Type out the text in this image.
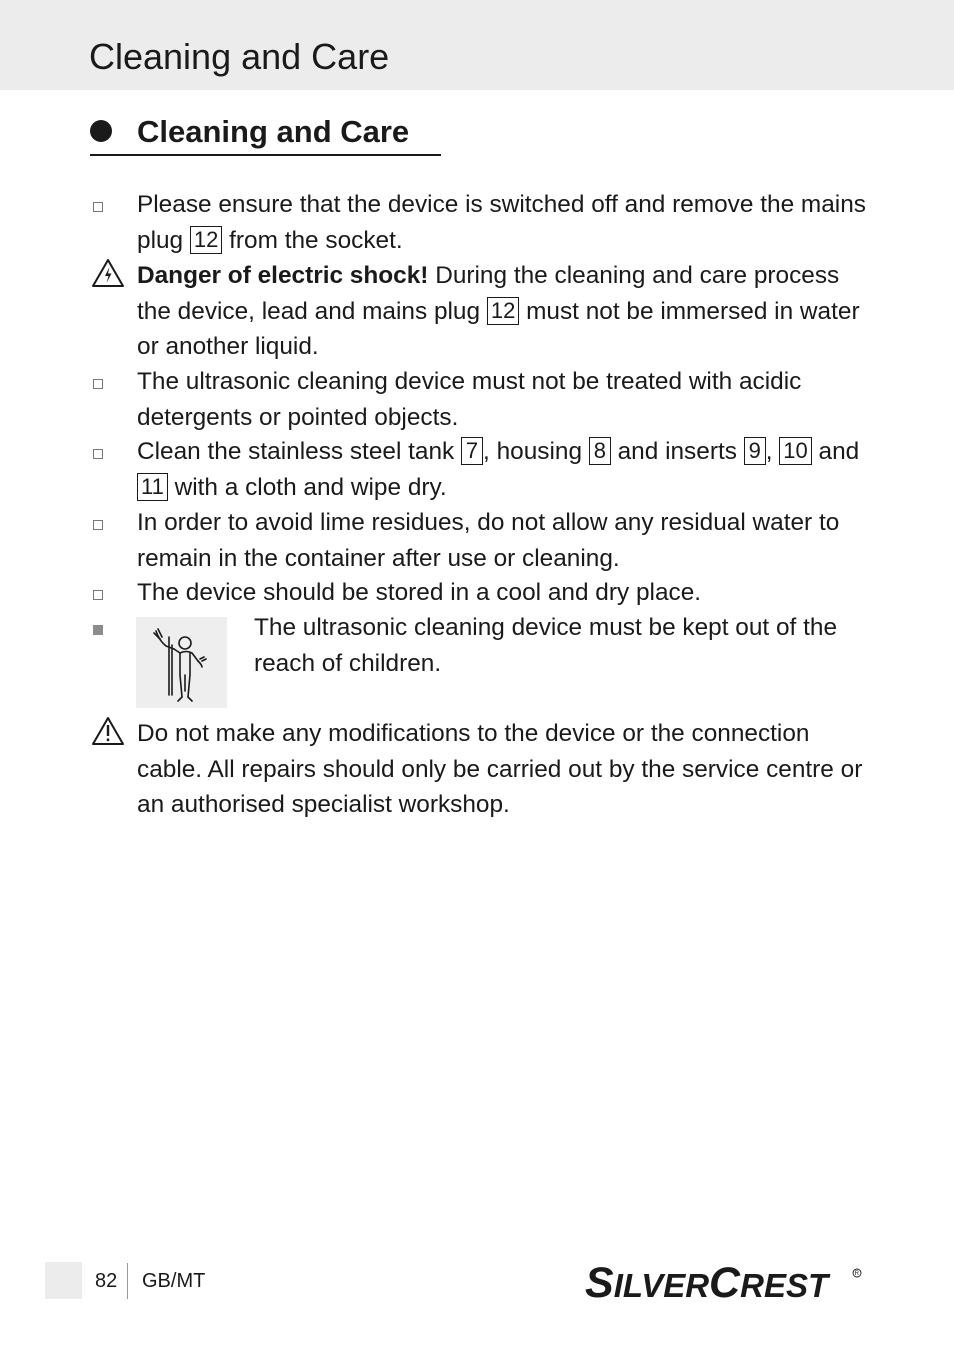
Cleaning and Care
Cleaning and Care
Please ensure that the device is switched off and remove the mains plug 12 from the socket.
Danger of electric shock! During the cleaning and care process the device, lead and mains plug 12 must not be immersed in water or another liquid.
The ultrasonic cleaning device must not be treated with acidic detergents or pointed objects.
Clean the stainless steel tank 7 , housing 8 and inserts 9 , 10 and 11 with a cloth and wipe dry.
In order to avoid lime residues, do not allow any residual water to remain in the container after use or cleaning.
The device should be stored in a cool and dry place.
The ultrasonic cleaning device must be kept out of the reach of children.
Do not make any modifications to the device or the connection cable. All repairs should only be carried out by the service centre or an authorised specialist workshop.
82 GB/MT	SILVERCREST	R
